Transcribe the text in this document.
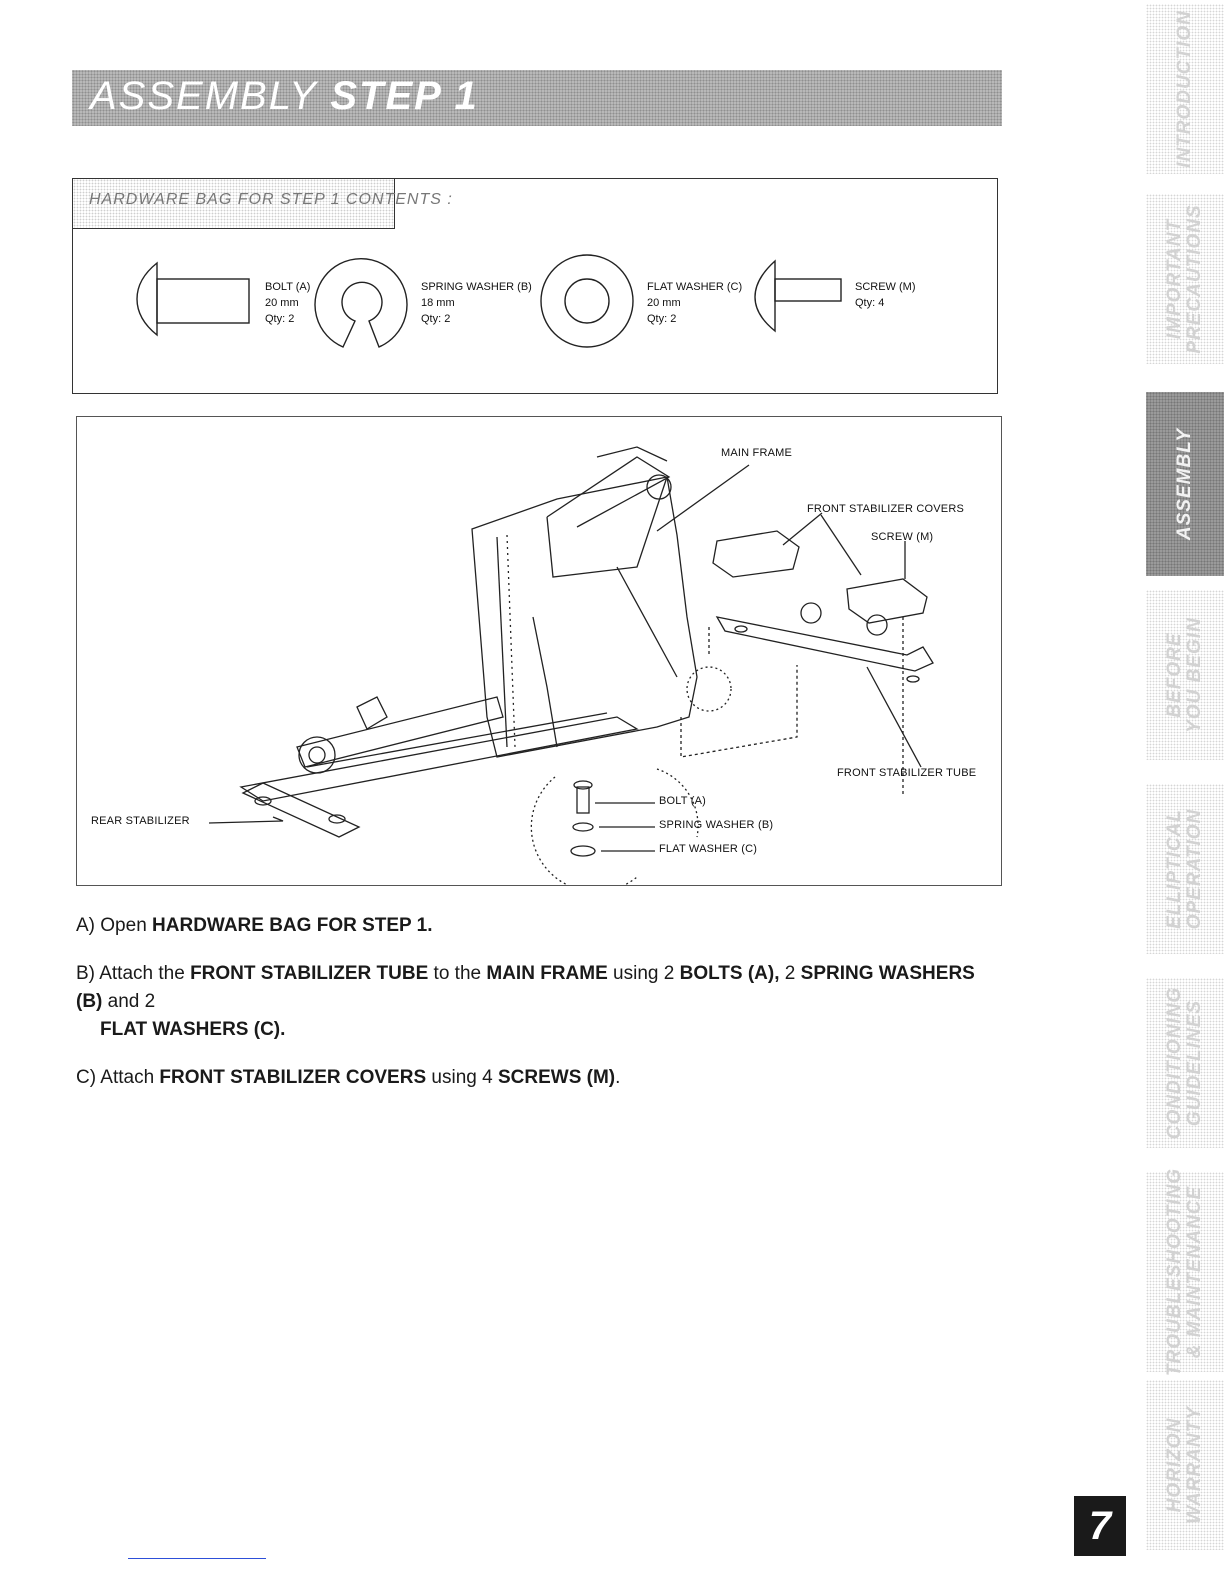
ASSEMBLY STEP 1
HARDWARE BAG FOR STEP 1 CONTENTS :
BOLT (A)
20 mm
Qty: 2
SPRING WASHER (B)
18 mm
Qty: 2
FLAT WASHER (C)
20 mm
Qty: 2
SCREW (M)
Qty: 4
MAIN FRAME
FRONT STABILIZER COVERS
SCREW (M)
FRONT STABILIZER TUBE
REAR STABILIZER
BOLT (A)
SPRING WASHER (B)
FLAT WASHER (C)

A) Open HARDWARE BAG FOR STEP 1.

B) Attach the FRONT STABILIZER TUBE to the MAIN FRAME using 2 BOLTS (A), 2 SPRING WASHERS (B) and 2
FLAT WASHERS (C).

C) Attach FRONT STABILIZER COVERS using 4 SCREWS (M).

INTRODUCTION
IMPORTANT
PRECAUTIONS
ASSEMBLY
BEFORE
YOU BEGIN
ELLIPTICAL
OPERATION
CONDITIONING
GUIDELINES
TROUBLESHOOTING
& MAINTENANCE
HORIZON
WARRANTY
7
